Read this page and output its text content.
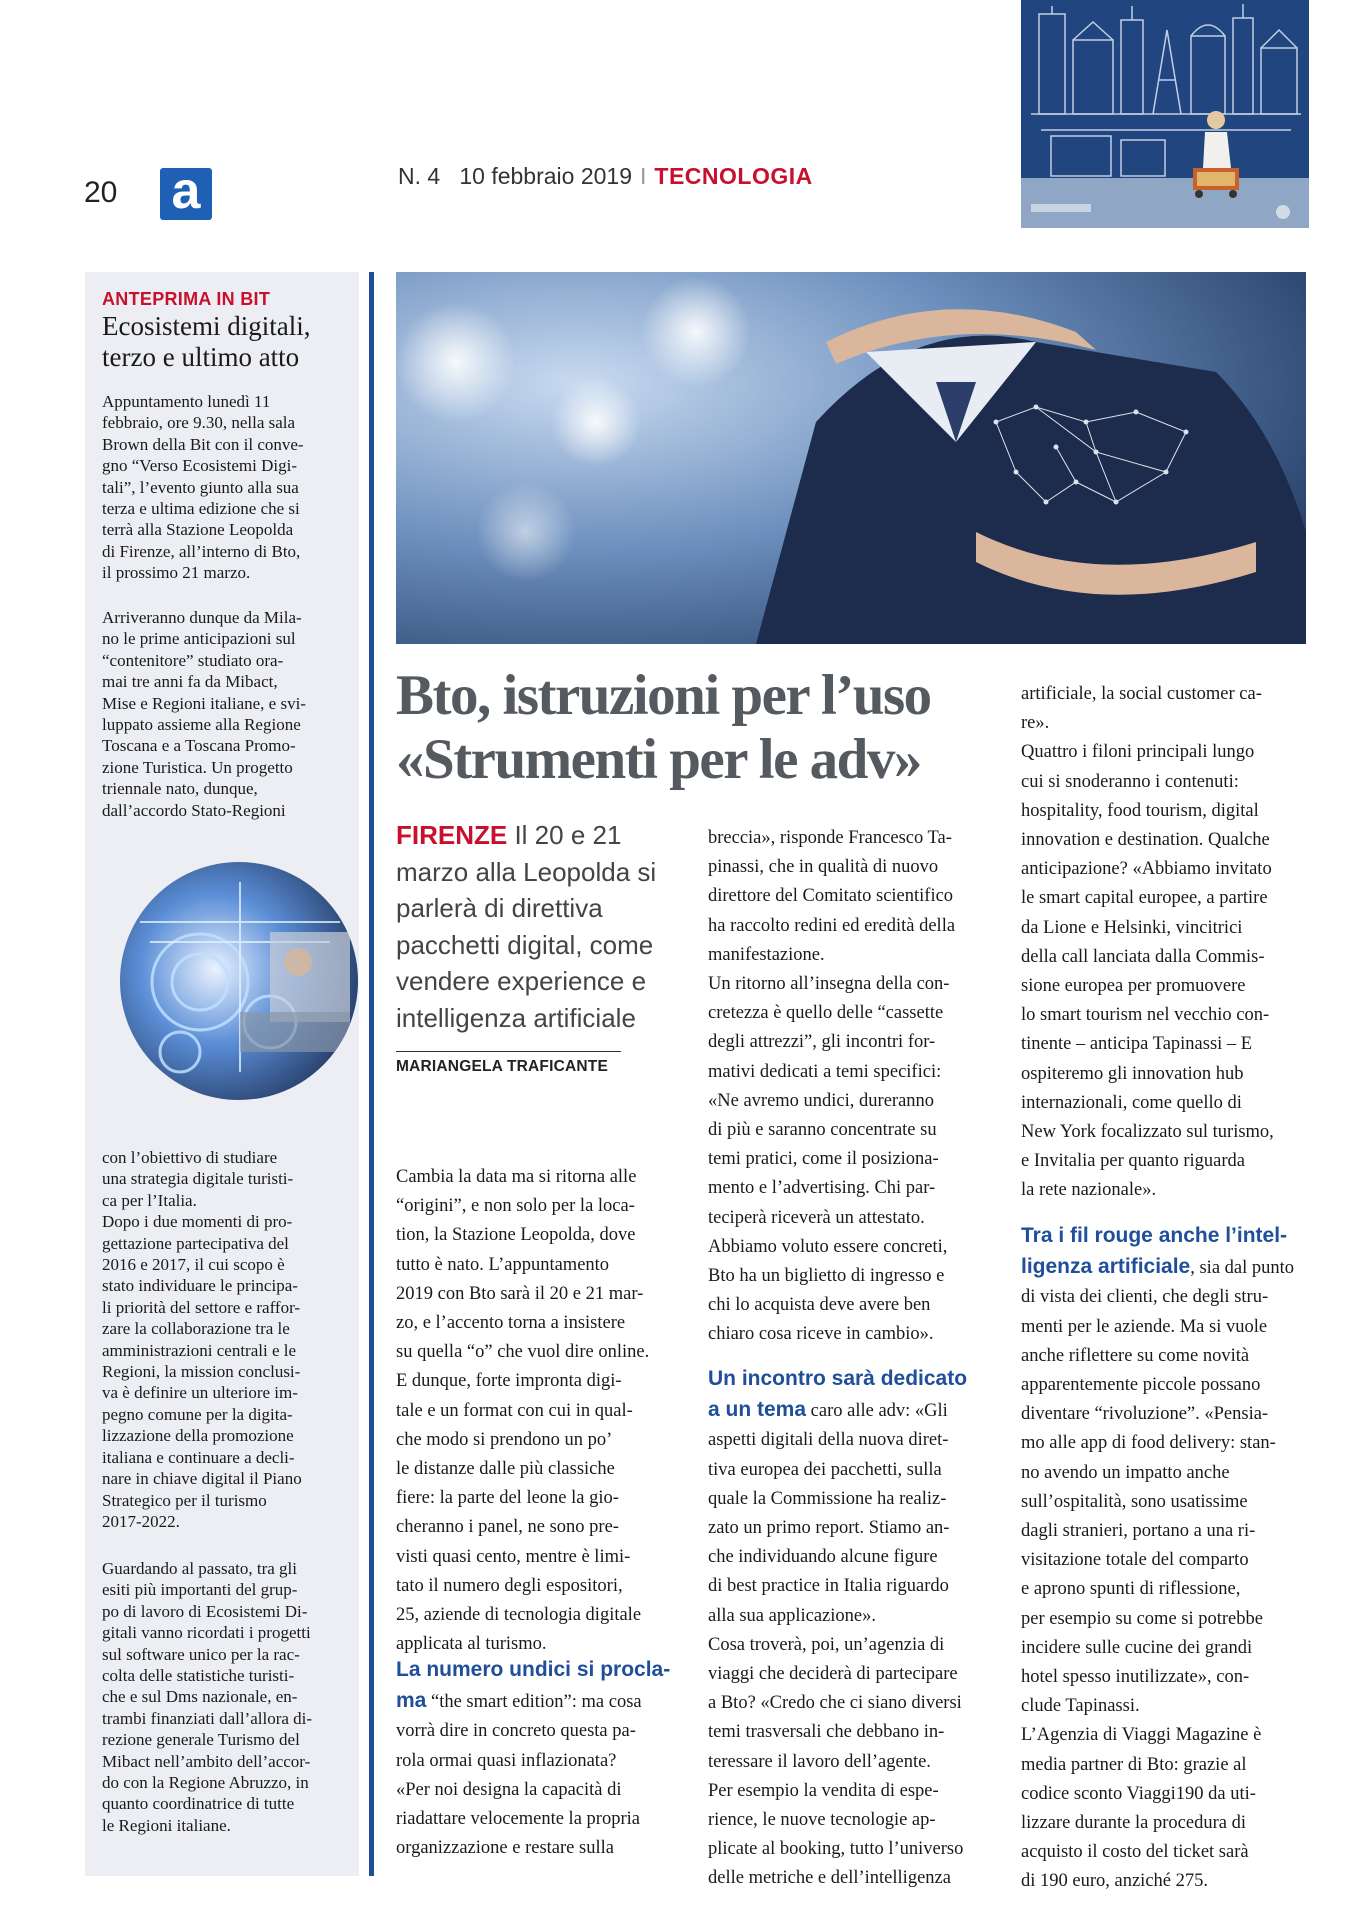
20 a	N. 4 10 febbraio 2019 I TECNOLOGIA
ANTEPRIMA IN BIT
Ecosistemi digitali, terzo e ultimo atto
Appuntamento lunedì 11
febbraio, ore 9.30, nella sala
Brown della Bit con il conve-
gno “Verso Ecosistemi Digi-
tali”, l’evento giunto alla sua
terza e ultima edizione che si
terrà alla Stazione Leopolda
di Firenze, all’interno di Bto,
il prossimo 21 marzo.
Arriveranno dunque da Mila-
no le prime anticipazioni sul
“contenitore” studiato ora-
mai tre anni fa da Mibact,
Mise e Regioni italiane, e svi-
luppato assieme alla Regione
Toscana e a Toscana Promo-
zione Turistica. Un progetto
triennale nato, dunque,
dall’accordo Stato-Regioni
con l’obiettivo di studiare
una strategia digitale turisti-
ca per l’Italia.
Dopo i due momenti di pro-
gettazione partecipativa del
2016 e 2017, il cui scopo è
stato individuare le principa-
li priorità del settore e raffor-
zare la collaborazione tra le
amministrazioni centrali e le
Regioni, la mission conclusi-
va è definire un ulteriore im-
pegno comune per la digita-
lizzazione della promozione
italiana e continuare a decli-
nare in chiave digital il Piano
Strategico per il turismo
2017-2022.
Guardando al passato, tra gli
esiti più importanti del grup-
po di lavoro di Ecosistemi Di-
gitali vanno ricordati i progetti
sul software unico per la rac-
colta delle statistiche turisti-
che e sul Dms nazionale, en-
trambi finanziati dall’allora di-
rezione generale Turismo del
Mibact nell’ambito dell’accor-
do con la Regione Abruzzo, in
quanto coordinatrice di tutte
le Regioni italiane.
Bto, istruzioni per l’uso
«Strumenti per le adv»
FIRENZE Il 20 e 21 marzo alla Leopolda si parlerà di direttiva pacchetti digital, come vendere experience e intelligenza artificiale
MARIANGELA TRAFICANTE
Cambia la data ma si ritorna alle
“origini”, e non solo per la loca-
tion, la Stazione Leopolda, dove
tutto è nato. L’appuntamento
2019 con Bto sarà il 20 e 21 mar-
zo, e l’accento torna a insistere
su quella “o” che vuol dire online.
E dunque, forte impronta digi-
tale e un format con cui in qual-
che modo si prendono un po’
le distanze dalle più classiche
fiere: la parte del leone la gio-
cheranno i panel, ne sono pre-
visti quasi cento, mentre è limi-
tato il numero degli espositori,
25, aziende di tecnologia digitale
applicata al turismo.
La numero undici si procla-
ma “the smart edition”: ma cosa
vorrà dire in concreto questa pa-
rola ormai quasi inflazionata?
«Per noi designa la capacità di
riadattare velocemente la propria
organizzazione e restare sulla
breccia», risponde Francesco Ta-
pinassi, che in qualità di nuovo
direttore del Comitato scientifico
ha raccolto redini ed eredità della
manifestazione.
Un ritorno all’insegna della con-
cretezza è quello delle “cassette
degli attrezzi”, gli incontri for-
mativi dedicati a temi specifici:
«Ne avremo undici, dureranno
di più e saranno concentrate su
temi pratici, come il posiziona-
mento e l’advertising. Chi par-
teciperà riceverà un attestato.
Abbiamo voluto essere concreti,
Bto ha un biglietto di ingresso e
chi lo acquista deve avere ben
chiaro cosa riceve in cambio».
Un incontro sarà dedicato
a un tema caro alle adv: «Gli
aspetti digitali della nuova diret-
tiva europea dei pacchetti, sulla
quale la Commissione ha realiz-
zato un primo report. Stiamo an-
che individuando alcune figure
di best practice in Italia riguardo
alla sua applicazione».
Cosa troverà, poi, un’agenzia di
viaggi che deciderà di partecipare
a Bto? «Credo che ci siano diversi
temi trasversali che debbano in-
teressare il lavoro dell’agente.
Per esempio la vendita di espe-
rience, le nuove tecnologie ap-
plicate al booking, tutto l’universo
delle metriche e dell’intelligenza
artificiale, la social customer ca-
re».
Quattro i filoni principali lungo
cui si snoderanno i contenuti:
hospitality, food tourism, digital
innovation e destination. Qualche
anticipazione? «Abbiamo invitato
le smart capital europee, a partire
da Lione e Helsinki, vincitrici
della call lanciata dalla Commis-
sione europea per promuovere
lo smart tourism nel vecchio con-
tinente – anticipa Tapinassi – E
ospiteremo gli innovation hub
internazionali, come quello di
New York focalizzato sul turismo,
e Invitalia per quanto riguarda
la rete nazionale».
Tra i fil rouge anche l’intel-
ligenza artificiale, sia dal punto
di vista dei clienti, che degli stru-
menti per le aziende. Ma si vuole
anche riflettere su come novità
apparentemente piccole possano
diventare “rivoluzione”. «Pensia-
mo alle app di food delivery: stan-
no avendo un impatto anche
sull’ospitalità, sono usatissime
dagli stranieri, portano a una ri-
visitazione totale del comparto
e aprono spunti di riflessione,
per esempio su come si potrebbe
incidere sulle cucine dei grandi
hotel spesso inutilizzate», con-
clude Tapinassi.
L’Agenzia di Viaggi Magazine è
media partner di Bto: grazie al
codice sconto Viaggi190 da uti-
lizzare durante la procedura di
acquisto il costo del ticket sarà
di 190 euro, anziché 275.
